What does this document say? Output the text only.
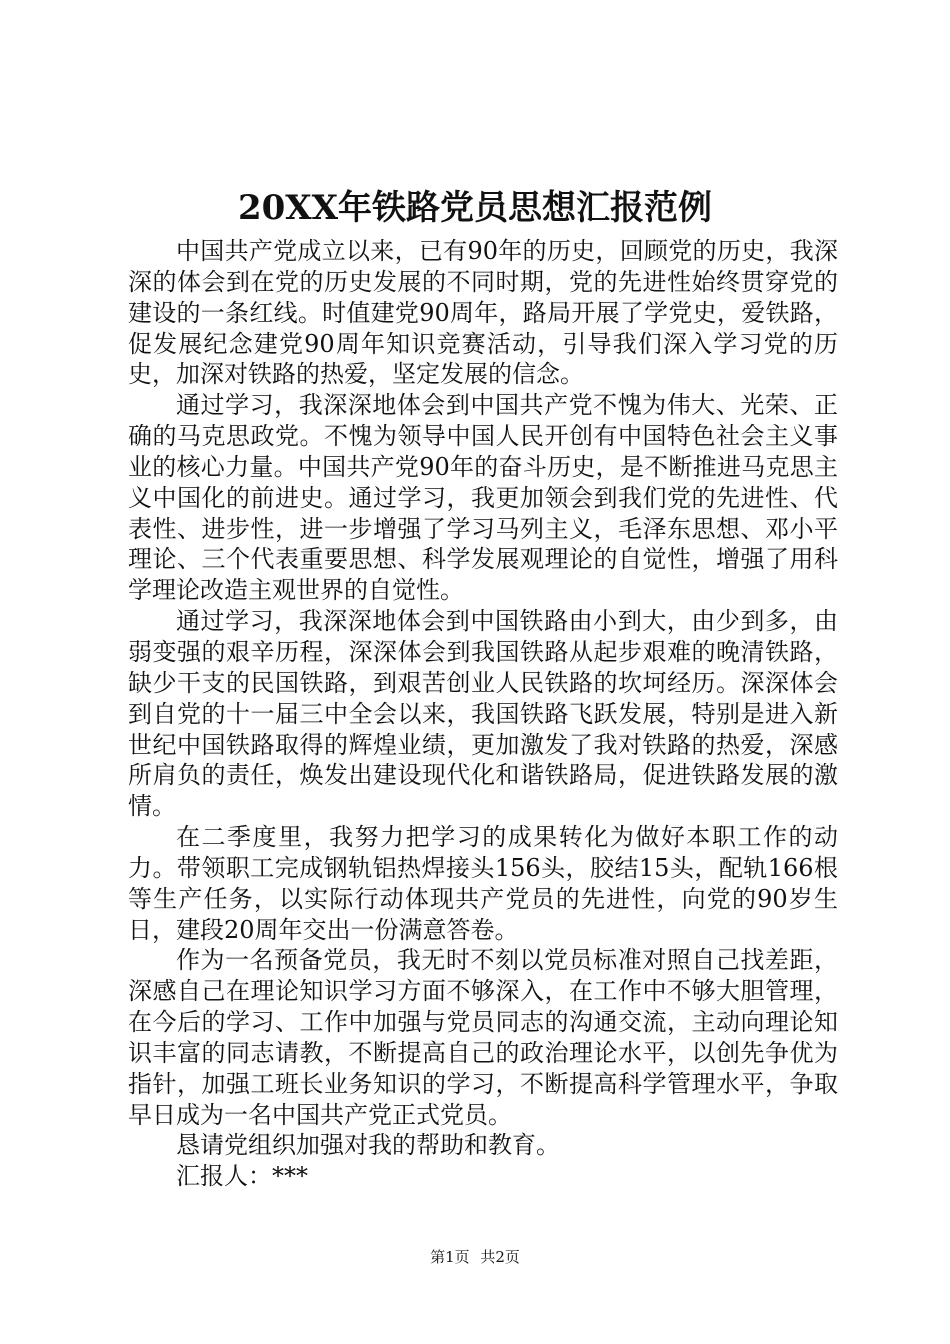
20XX年铁路党员思想汇报范例

中国共产党成立以来，已有90年的历史，回顾党的历史，我深深的体会到在党的历史发展的不同时期，党的先进性始终贯穿党的建设的一条红线。时值建党90周年，路局开展了学党史，爱铁路，促发展纪念建党90周年知识竞赛活动，引导我们深入学习党的历史，加深对铁路的热爱，坚定发展的信念。

通过学习，我深深地体会到中国共产党不愧为伟大、光荣、正确的马克思政党。不愧为领导中国人民开创有中国特色社会主义事业的核心力量。中国共产党90年的奋斗历史，是不断推进马克思主义中国化的前进史。通过学习，我更加领会到我们党的先进性、代表性、进步性，进一步增强了学习马列主义，毛泽东思想、邓小平理论、三个代表重要思想、科学发展观理论的自觉性，增强了用科学理论改造主观世界的自觉性。

通过学习，我深深地体会到中国铁路由小到大，由少到多，由弱变强的艰辛历程，深深体会到我国铁路从起步艰难的晚清铁路，缺少干支的民国铁路，到艰苦创业人民铁路的坎坷经历。深深体会到自党的十一届三中全会以来，我国铁路飞跃发展，特别是进入新世纪中国铁路取得的辉煌业绩，更加激发了我对铁路的热爱，深感所肩负的责任，焕发出建设现代化和谐铁路局，促进铁路发展的激情。

在二季度里，我努力把学习的成果转化为做好本职工作的动力。带领职工完成钢轨铝热焊接头156头，胶结15头，配轨166根等生产任务，以实际行动体现共产党员的先进性，向党的90岁生日，建段20周年交出一份满意答卷。

作为一名预备党员，我无时不刻以党员标准对照自己找差距，深感自己在理论知识学习方面不够深入，在工作中不够大胆管理，在今后的学习、工作中加强与党员同志的沟通交流，主动向理论知识丰富的同志请教，不断提高自己的政治理论水平，以创先争优为指针，加强工班长业务知识的学习，不断提高科学管理水平，争取早日成为一名中国共产党正式党员。

恳请党组织加强对我的帮助和教育。

汇报人：***

第1页 共2页
